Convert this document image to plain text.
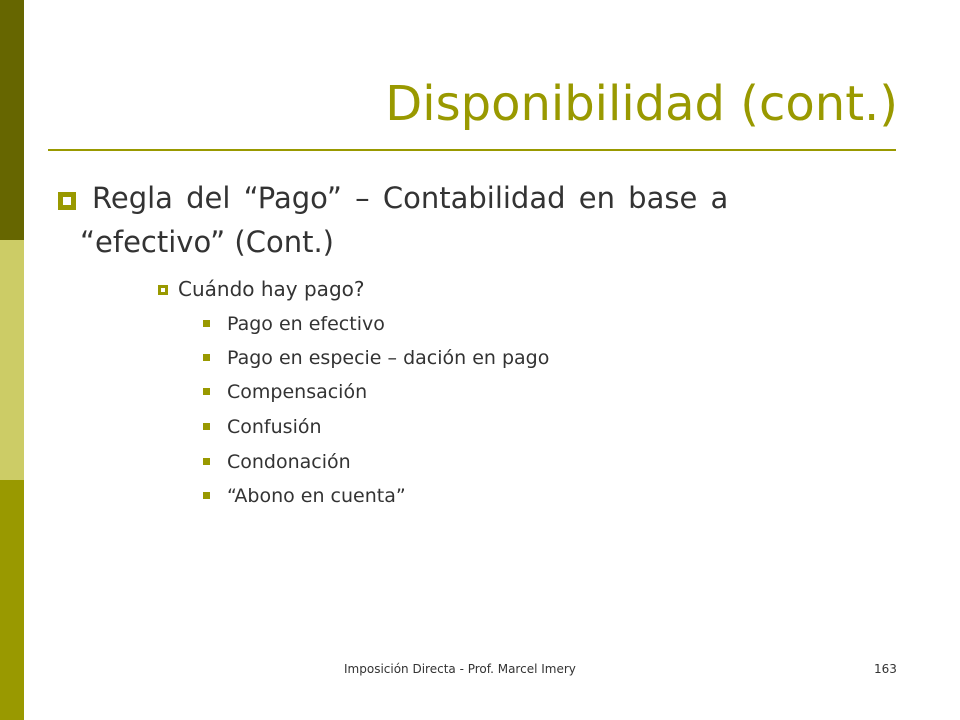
Disponibilidad (cont.)
Regla del “Pago” – Contabilidad en base a
“efectivo” (Cont.)
Cuándo hay pago?
Pago en efectivo
Pago en especie – dación en pago
Compensación
Confusión
Condonación
“Abono en cuenta”
Imposición Directa - Prof. Marcel Imery	163
